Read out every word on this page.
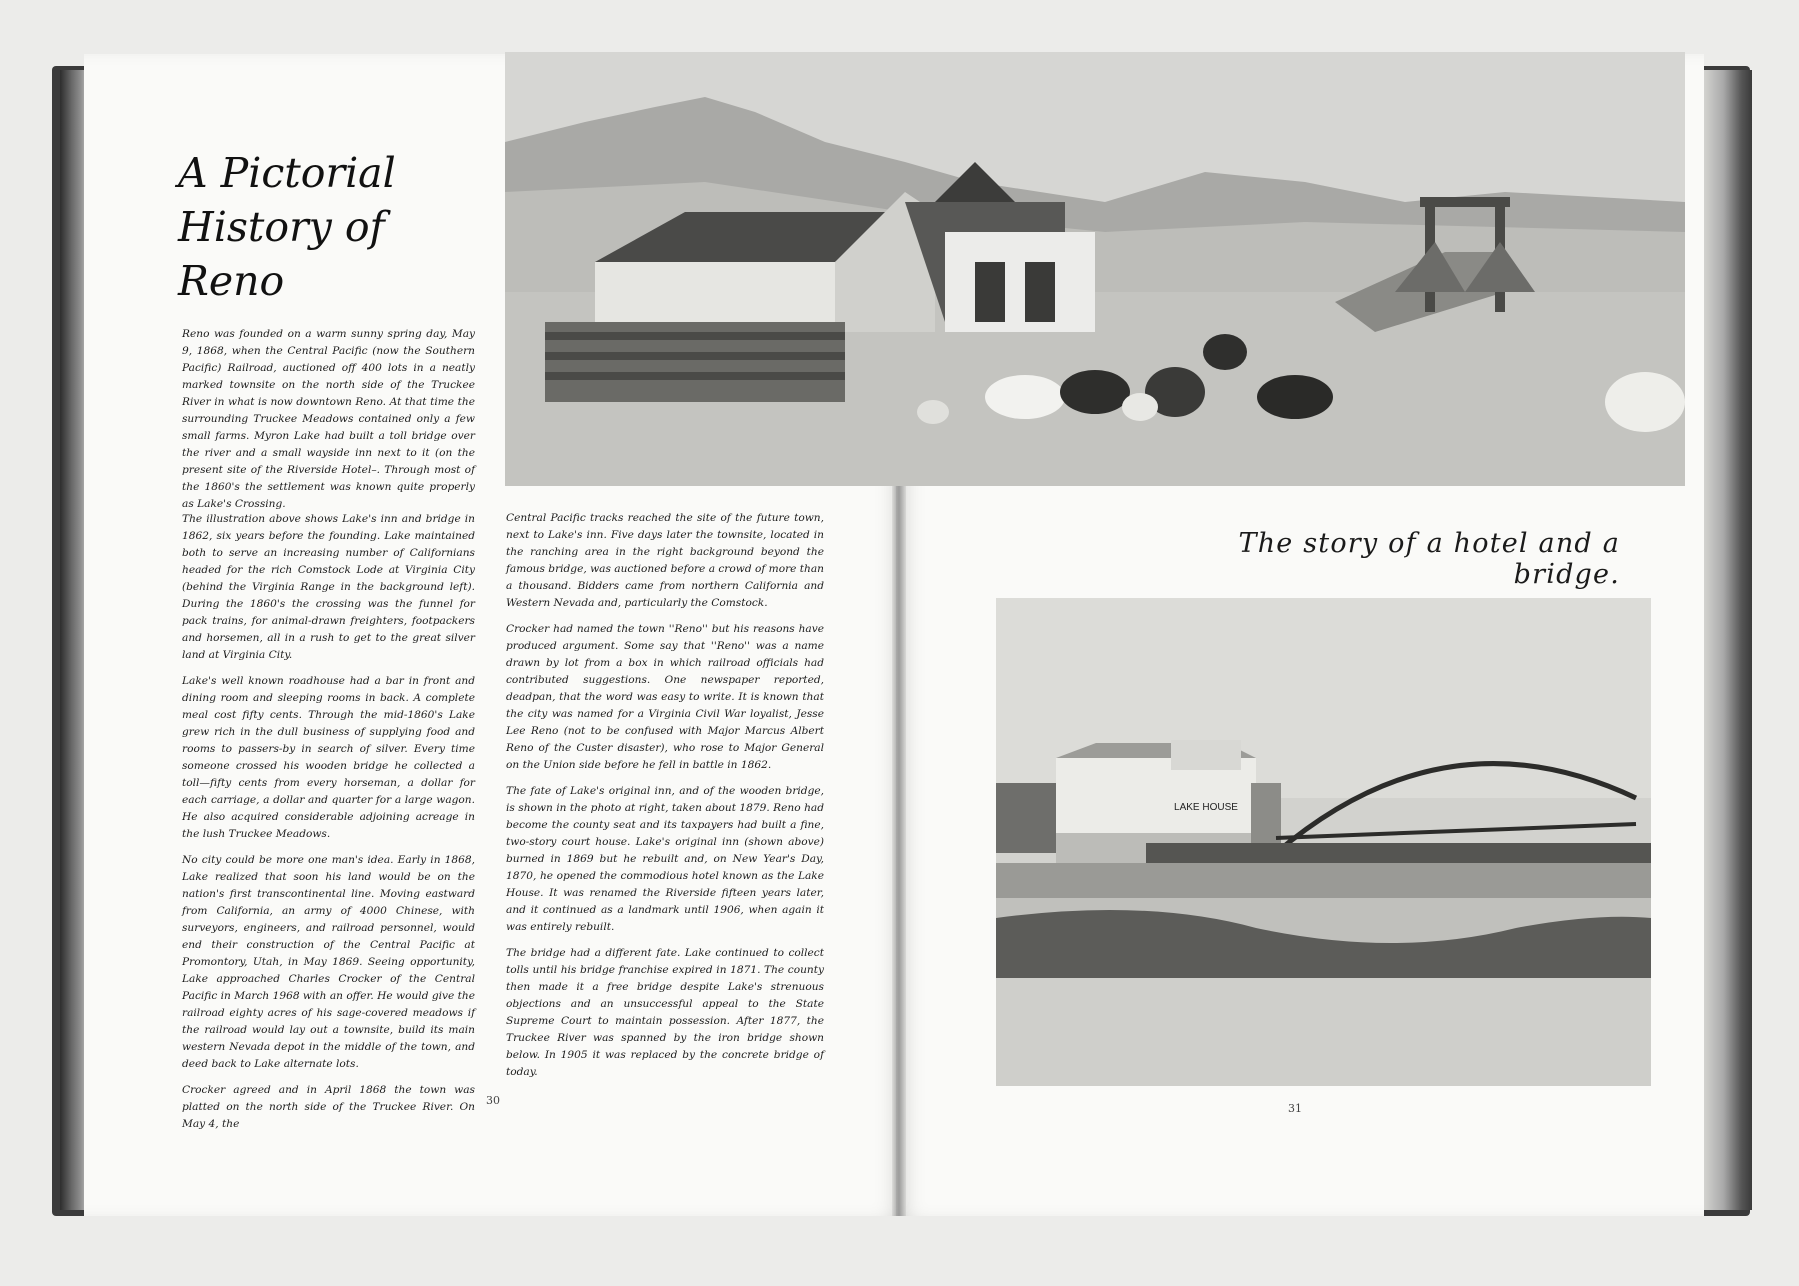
A Pictorial
History of Reno

Reno was founded on a warm sunny spring day, May 9, 1868, when the Central Pacific (now the Southern Pacific) Railroad, auctioned off 400 lots in a neatly marked townsite on the north side of the Truckee River in what is now downtown Reno. At that time the surrounding Truckee Meadows contained only a few small farms. Myron Lake had built a toll bridge over the river and a small wayside inn next to it (on the present site of the Riverside Hotel–. Through most of the 1860's the settlement was known quite properly as Lake's Crossing.

The illustration above shows Lake's inn and bridge in 1862, six years before the founding. Lake maintained both to serve an increasing number of Californians headed for the rich Comstock Lode at Virginia City (behind the Virginia Range in the background left). During the 1860's the crossing was the funnel for pack trains, for animal-drawn freighters, footpackers and horsemen, all in a rush to get to the great silver land at Virginia City.

Lake's well known roadhouse had a bar in front and dining room and sleeping rooms in back. A complete meal cost fifty cents. Through the mid-1860's Lake grew rich in the dull business of supplying food and rooms to passers-by in search of silver. Every time someone crossed his wooden bridge he collected a toll—fifty cents from every horseman, a dollar for each carriage, a dollar and quarter for a large wagon. He also acquired considerable adjoining acreage in the lush Truckee Meadows.

No city could be more one man's idea. Early in 1868, Lake realized that soon his land would be on the nation's first transcontinental line. Moving eastward from California, an army of 4000 Chinese, with surveyors, engineers, and railroad personnel, would end their construction of the Central Pacific at Promontory, Utah, in May 1869. Seeing opportunity, Lake approached Charles Crocker of the Central Pacific in March 1968 with an offer. He would give the railroad eighty acres of his sage-covered meadows if the railroad would lay out a townsite, build its main western Nevada depot in the middle of the town, and deed back to Lake alternate lots.

Crocker agreed and in April 1868 the town was platted on the north side of the Truckee River. On May 4, the

Central Pacific tracks reached the site of the future town, next to Lake's inn. Five days later the townsite, located in the ranching area in the right background beyond the famous bridge, was auctioned before a crowd of more than a thousand. Bidders came from northern California and Western Nevada and, particularly the Comstock.

Crocker had named the town ''Reno'' but his reasons have produced argument. Some say that ''Reno'' was a name drawn by lot from a box in which railroad officials had contributed suggestions. One newspaper reported, deadpan, that the word was easy to write. It is known that the city was named for a Virginia Civil War loyalist, Jesse Lee Reno (not to be confused with Major Marcus Albert Reno of the Custer disaster), who rose to Major General on the Union side before he fell in battle in 1862.

The fate of Lake's original inn, and of the wooden bridge, is shown in the photo at right, taken about 1879. Reno had become the county seat and its taxpayers had built a fine, two-story court house. Lake's original inn (shown above) burned in 1869 but he rebuilt and, on New Year's Day, 1870, he opened the commodious hotel known as the Lake House. It was renamed the Riverside fifteen years later, and it continued as a landmark until 1906, when again it was entirely rebuilt.

The bridge had a different fate. Lake continued to collect tolls until his bridge franchise expired in 1871. The county then made it a free bridge despite Lake's strenuous objections and an unsuccessful appeal to the State Supreme Court to maintain possession. After 1877, the Truckee River was spanned by the iron bridge shown below. In 1905 it was replaced by the concrete bridge of today.

The story of a hotel and a bridge.
LAKE HOUSE
30
31
